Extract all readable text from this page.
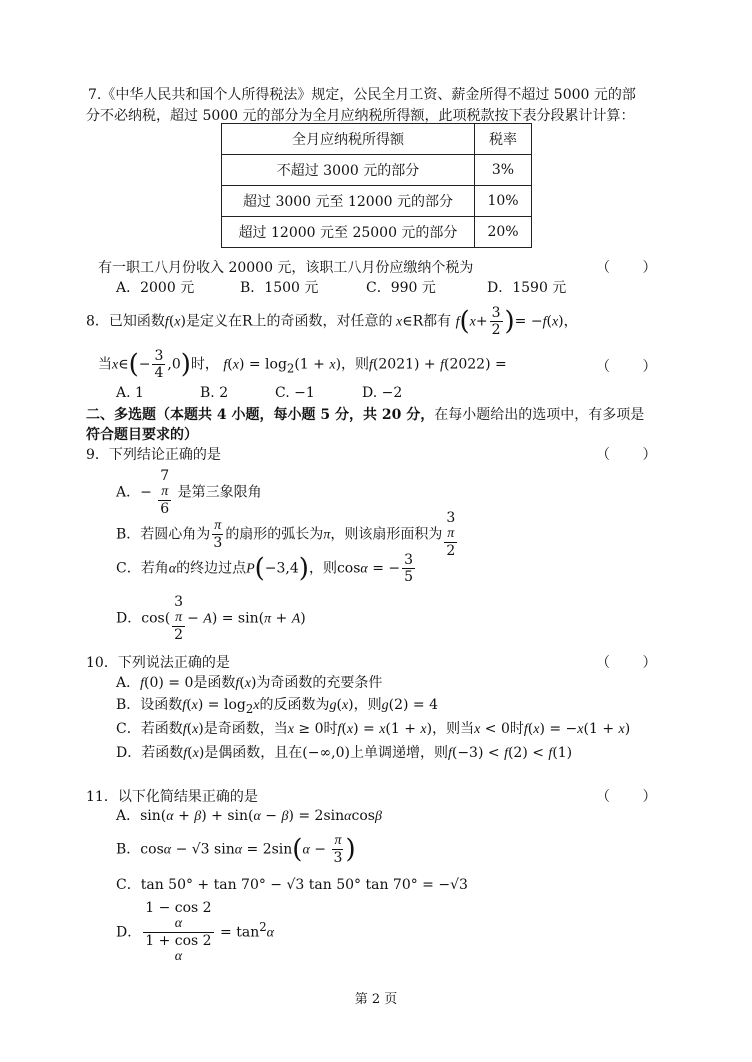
7.《中华人民共和国个人所得税法》规定，公民全月工资、薪金所得不超过 5000 元的部
分不必纳税，超过 5000 元的部分为全月应纳税所得额，此项税款按下表分段累计计算：
全月应纳税所得额	税率
不超过 3000 元的部分	3%
超过 3000 元至 12000 元的部分	10%
超过 12000 元至 25000 元的部分	20%
有一职工八月份收入 20000 元，该职工八月份应缴纳个税为	（ ）
A．2000 元	B．1500 元	C．990 元	D．1590 元
8．已知函数f(x)是定义在R上的奇函数，对任意的 x∈R都有 $f(x+ \frac{3}{2}$ )= −f(x)，
当x∈(− $\frac{3}{4} ,0$)时， $f(x) = \log_2(1 + x)$，则f(2021) + f(2022) =	（ ）
A. 1	B. 2	C. −1	D. −2
二、多选题（本题共 4 小题，每小题 5 分，共 20 分，在每小题给出的选项中，有多项是
符合题目要求的）
9．下列结论正确的是	（ ）
A．− 7
π
6 是第三象限角
B．若圆心角为 $\frac{\pi}{3}$ 的扇形的弧长为π，则该扇形面积为 3
π
2
C．若角α的终边过点P(−3,4)，则cosα = − $\frac{3}{5}$
D．cos( 3
π
2 − A) = sin(π + A)
10．下列说法正确的是	（ ）
A．f(0) = 0是函数f(x)为奇函数的充要条件
B．设函数$f(x) = \log_2x$的反函数为g(x)，则g(2) = 4
C．若函数f(x)是奇函数，当x ≥ 0时f(x) = x(1 + x)，则当x < 0时f(x) = −x(1 + x)
D．若函数f(x)是偶函数，且在(−∞,0)上单调递增，则f(−3) < f(2) < f(1)
11．以下化简结果正确的是	（ ）
A．sin(α + β) + sin(α − β) = 2sinαcosβ
B．cosα − √3 $\sin\alpha = 2\sin(\alpha - \frac{\pi}{3}$ )
C．tan 50° + tan 70° − √3 tan 50° tan 70° = −√3
D． 1 − cos 2
α
1 + cos 2
$\alpha = \tan^2\alpha$
第 2 页
